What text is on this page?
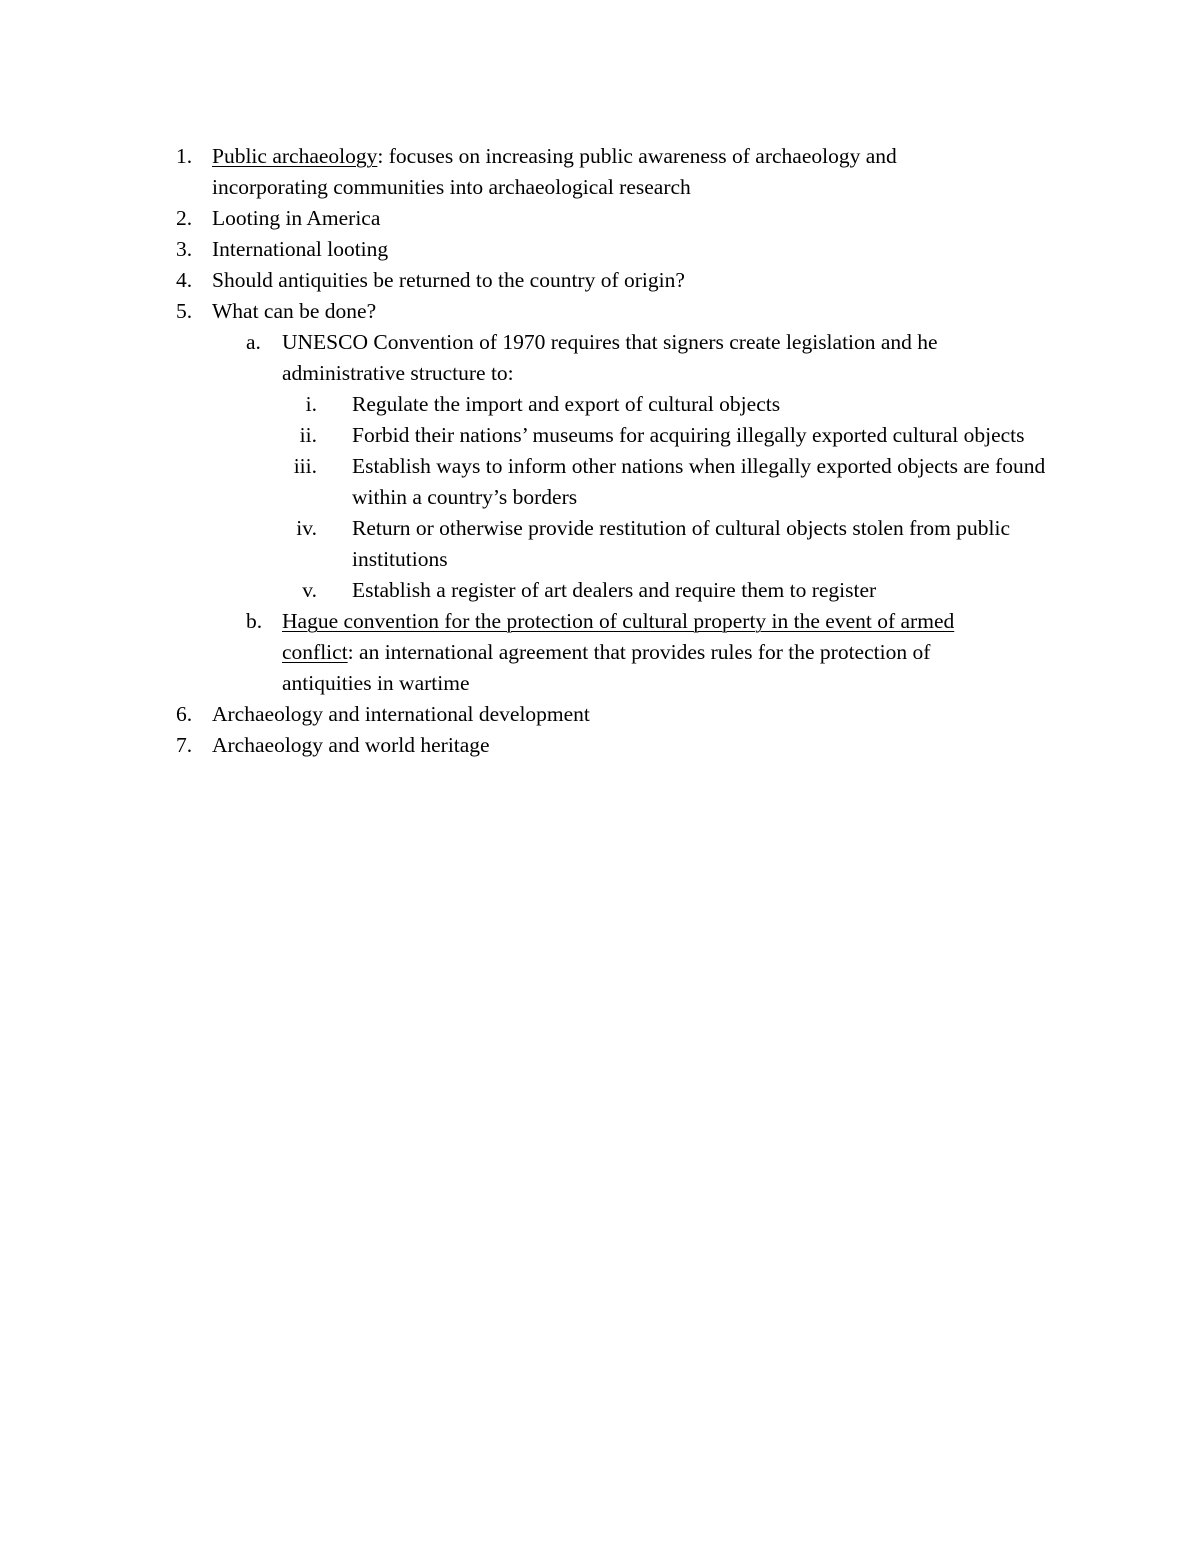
1. Public archaeology: focuses on increasing public awareness of archaeology and incorporating communities into archaeological research
2. Looting in America
3. International looting
4. Should antiquities be returned to the country of origin?
5. What can be done?
a. UNESCO Convention of 1970 requires that signers create legislation and he administrative structure to:
i. Regulate the import and export of cultural objects
ii. Forbid their nations’ museums for acquiring illegally exported cultural objects
iii. Establish ways to inform other nations when illegally exported objects are found within a country’s borders
iv. Return or otherwise provide restitution of cultural objects stolen from public institutions
v. Establish a register of art dealers and require them to register
b. Hague convention for the protection of cultural property in the event of armed conflict: an international agreement that provides rules for the protection of antiquities in wartime
6. Archaeology and international development
7. Archaeology and world heritage
